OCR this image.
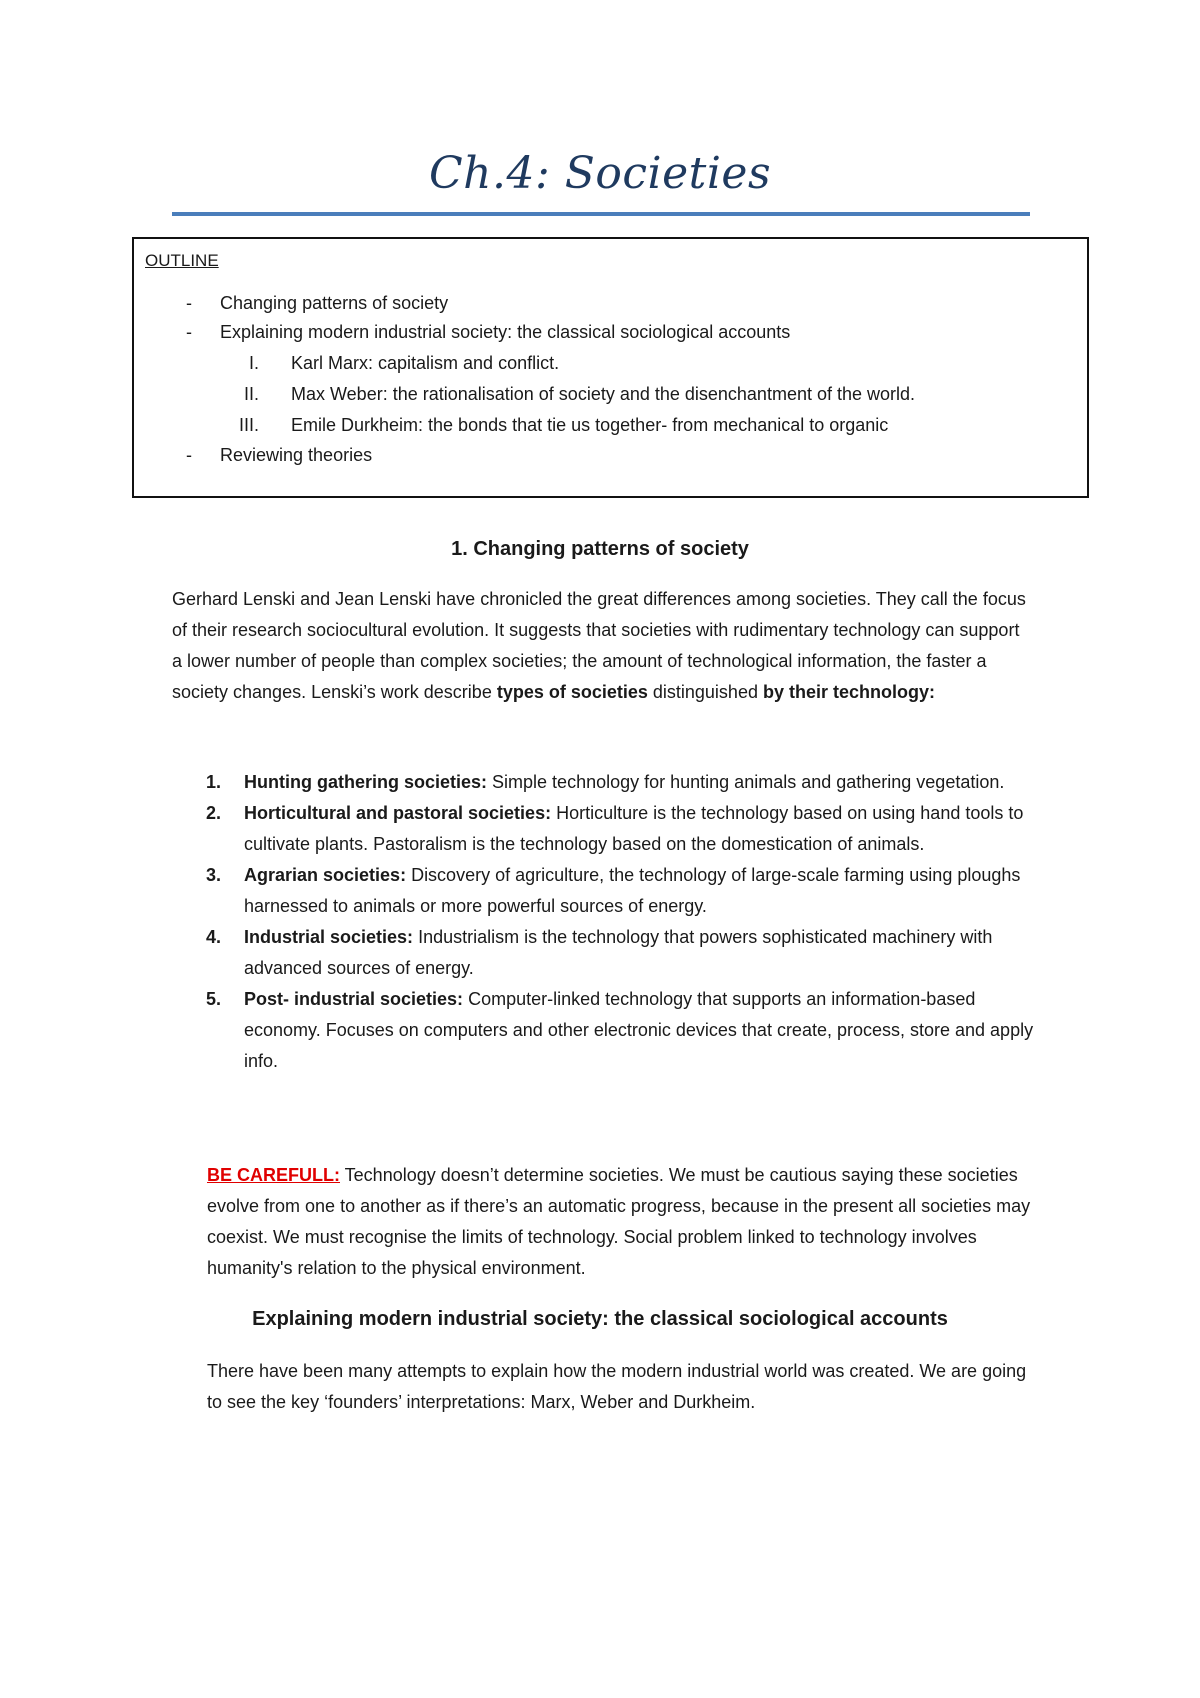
Ch.4: Societies
OUTLINE
- Changing patterns of society
- Explaining modern industrial society: the classical sociological accounts
I. Karl Marx: capitalism and conflict.
II. Max Weber: the rationalisation of society and the disenchantment of the world.
III. Emile Durkheim: the bonds that tie us together- from mechanical to organic
- Reviewing theories
1. Changing patterns of society
Gerhard Lenski and Jean Lenski have chronicled the great differences among societies. They call the focus of their research sociocultural evolution. It suggests that societies with rudimentary technology can support a lower number of people than complex societies; the amount of technological information, the faster a society changes. Lenski’s work describe types of societies distinguished by their technology:
1. Hunting gathering societies: Simple technology for hunting animals and gathering vegetation.
2. Horticultural and pastoral societies: Horticulture is the technology based on using hand tools to cultivate plants. Pastoralism is the technology based on the domestication of animals.
3. Agrarian societies: Discovery of agriculture, the technology of large-scale farming using ploughs harnessed to animals or more powerful sources of energy.
4. Industrial societies: Industrialism is the technology that powers sophisticated machinery with advanced sources of energy.
5. Post- industrial societies: Computer-linked technology that supports an information-based economy. Focuses on computers and other electronic devices that create, process, store and apply info.
BE CAREFULL: Technology doesn’t determine societies. We must be cautious saying these societies evolve from one to another as if there’s an automatic progress, because in the present all societies may coexist. We must recognise the limits of technology. Social problem linked to technology involves humanity's relation to the physical environment.
Explaining modern industrial society: the classical sociological accounts
There have been many attempts to explain how the modern industrial world was created. We are going to see the key ‘founders’ interpretations: Marx, Weber and Durkheim.
